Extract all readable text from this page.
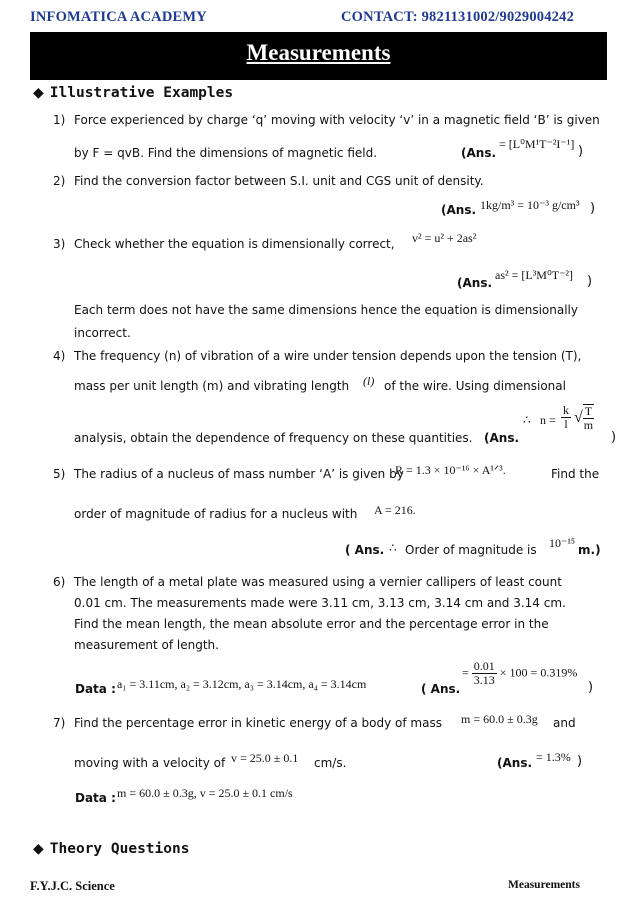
INFOMATICA ACADEMY	CONTACT: 9821131002/9029004242
Measurements
◆ Illustrative Examples
1) Force experienced by charge ‘q’ moving with velocity ‘v’ in a magnetic field ‘B’ is given
by F = qvB. Find the dimensions of magnetic field.	(Ans.
= [L⁰M¹T⁻²I⁻¹] )
2) Find the conversion factor between S.I. unit and CGS unit of density.
(Ans. 1kg/m³ = 10⁻³ g/cm³ )
3) Check whether the equation is dimensionally correct, v² = u² + 2as²
(Ans.
as² = [L³M⁰T⁻²] )
Each term does not have the same dimensions hence the equation is dimensionally
incorrect.
4) The frequency (n) of vibration of a wire under tension depends upon the tension (T),
mass per unit length (m) and vibrating length (l) of the wire. Using dimensional
analysis, obtain the dependence of frequency on these quantities. (Ans.
∴ $n = \frac{k}{l}$ √ $\frac{T}{m}$
)
5) The radius of a nucleus of mass number ‘A’ is given by
R = 1.3 × 10⁻¹⁶ × A¹ᐟ³.	Find the
order of magnitude of radius for a nucleus with A = 216.
( Ans. ∴ Order of magnitude is 10⁻¹⁵ m.)
6) The length of a metal plate was measured using a vernier callipers of least count
0.01 cm. The measurements made were 3.11 cm, 3.13 cm, 3.14 cm and 3.14 cm.
Find the mean length, the mean absolute error and the percentage error in the
measurement of length.
Data : a₁ = 3.11cm, a₂ = 3.12cm, a₃ = 3.14cm, a₄ = 3.14cm	( Ans.
= $\frac{0.01}{3.13} \times 100 = 0.319\%$
)
7) Find the percentage error in kinetic energy of a body of mass m = 60.0 ± 0.3g and
moving with a velocity of v = 25.0 ± 0.1 cm/s.	(Ans. = 1.3% )
Data : m = 60.0 ± 0.3g, v = 25.0 ± 0.1 cm/s
◆ Theory Questions
F.Y.J.C. Science	Measurements
